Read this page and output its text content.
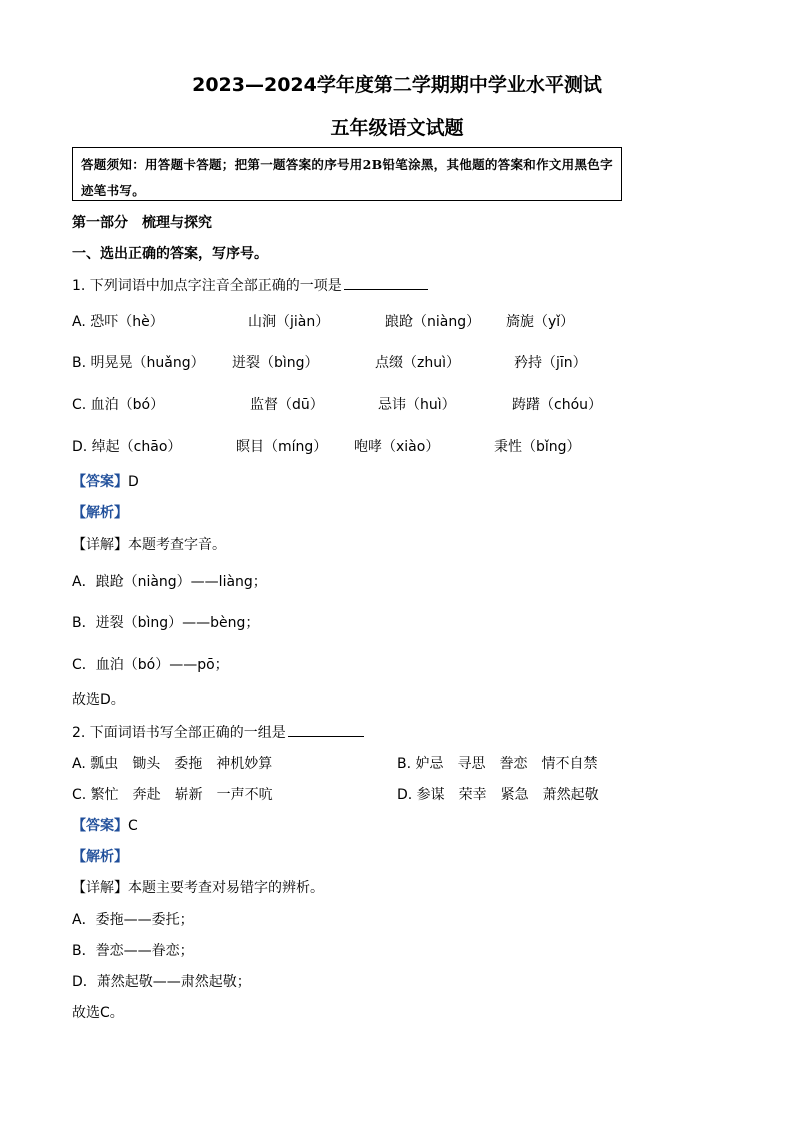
2023—2024学年度第二学期期中学业水平测试
五年级语文试题
答题须知：用答题卡答题；把第一题答案的序号用2B铅笔涂黑，其他题的答案和作文用黑色字迹笔书写。
第一部分　梳理与探究
一、选出正确的答案，写序号。
1. 下列词语中加点字注音全部正确的一项是
A. 恐吓（hè）	山涧（jiàn）	踉跄（niàng） 旖旎（yǐ）
B. 明晃晃（huǎng） 迸裂（bìng）	点缀（zhuì）	矜持（jīn）
C. 血泊（bó）	监督（dū）	忌讳（huì）	踌躇（chóu）
D. 绰起（chāo）	瞑目（míng） 咆哮（xiào）	秉性（bǐng）
【答案】D
【解析】
【详解】本题考查字音。
A．踉跄（niàng）——liàng；
B．迸裂（bìng）——bèng；
C．血泊（bó）——pō；
故选D。
2. 下面词语书写全部正确的一组是
A. 瓢虫　锄头　委拖　神机妙算	B. 妒忌　寻思　誊恋　情不自禁
C. 繁忙　奔赴　崭新　一声不吭	D. 参谋　荣幸　紧急　萧然起敬
【答案】C
【解析】
【详解】本题主要考查对易错字的辨析。
A．委拖——委托；
B．誊恋——眷恋；
D．萧然起敬——肃然起敬；
故选C。
